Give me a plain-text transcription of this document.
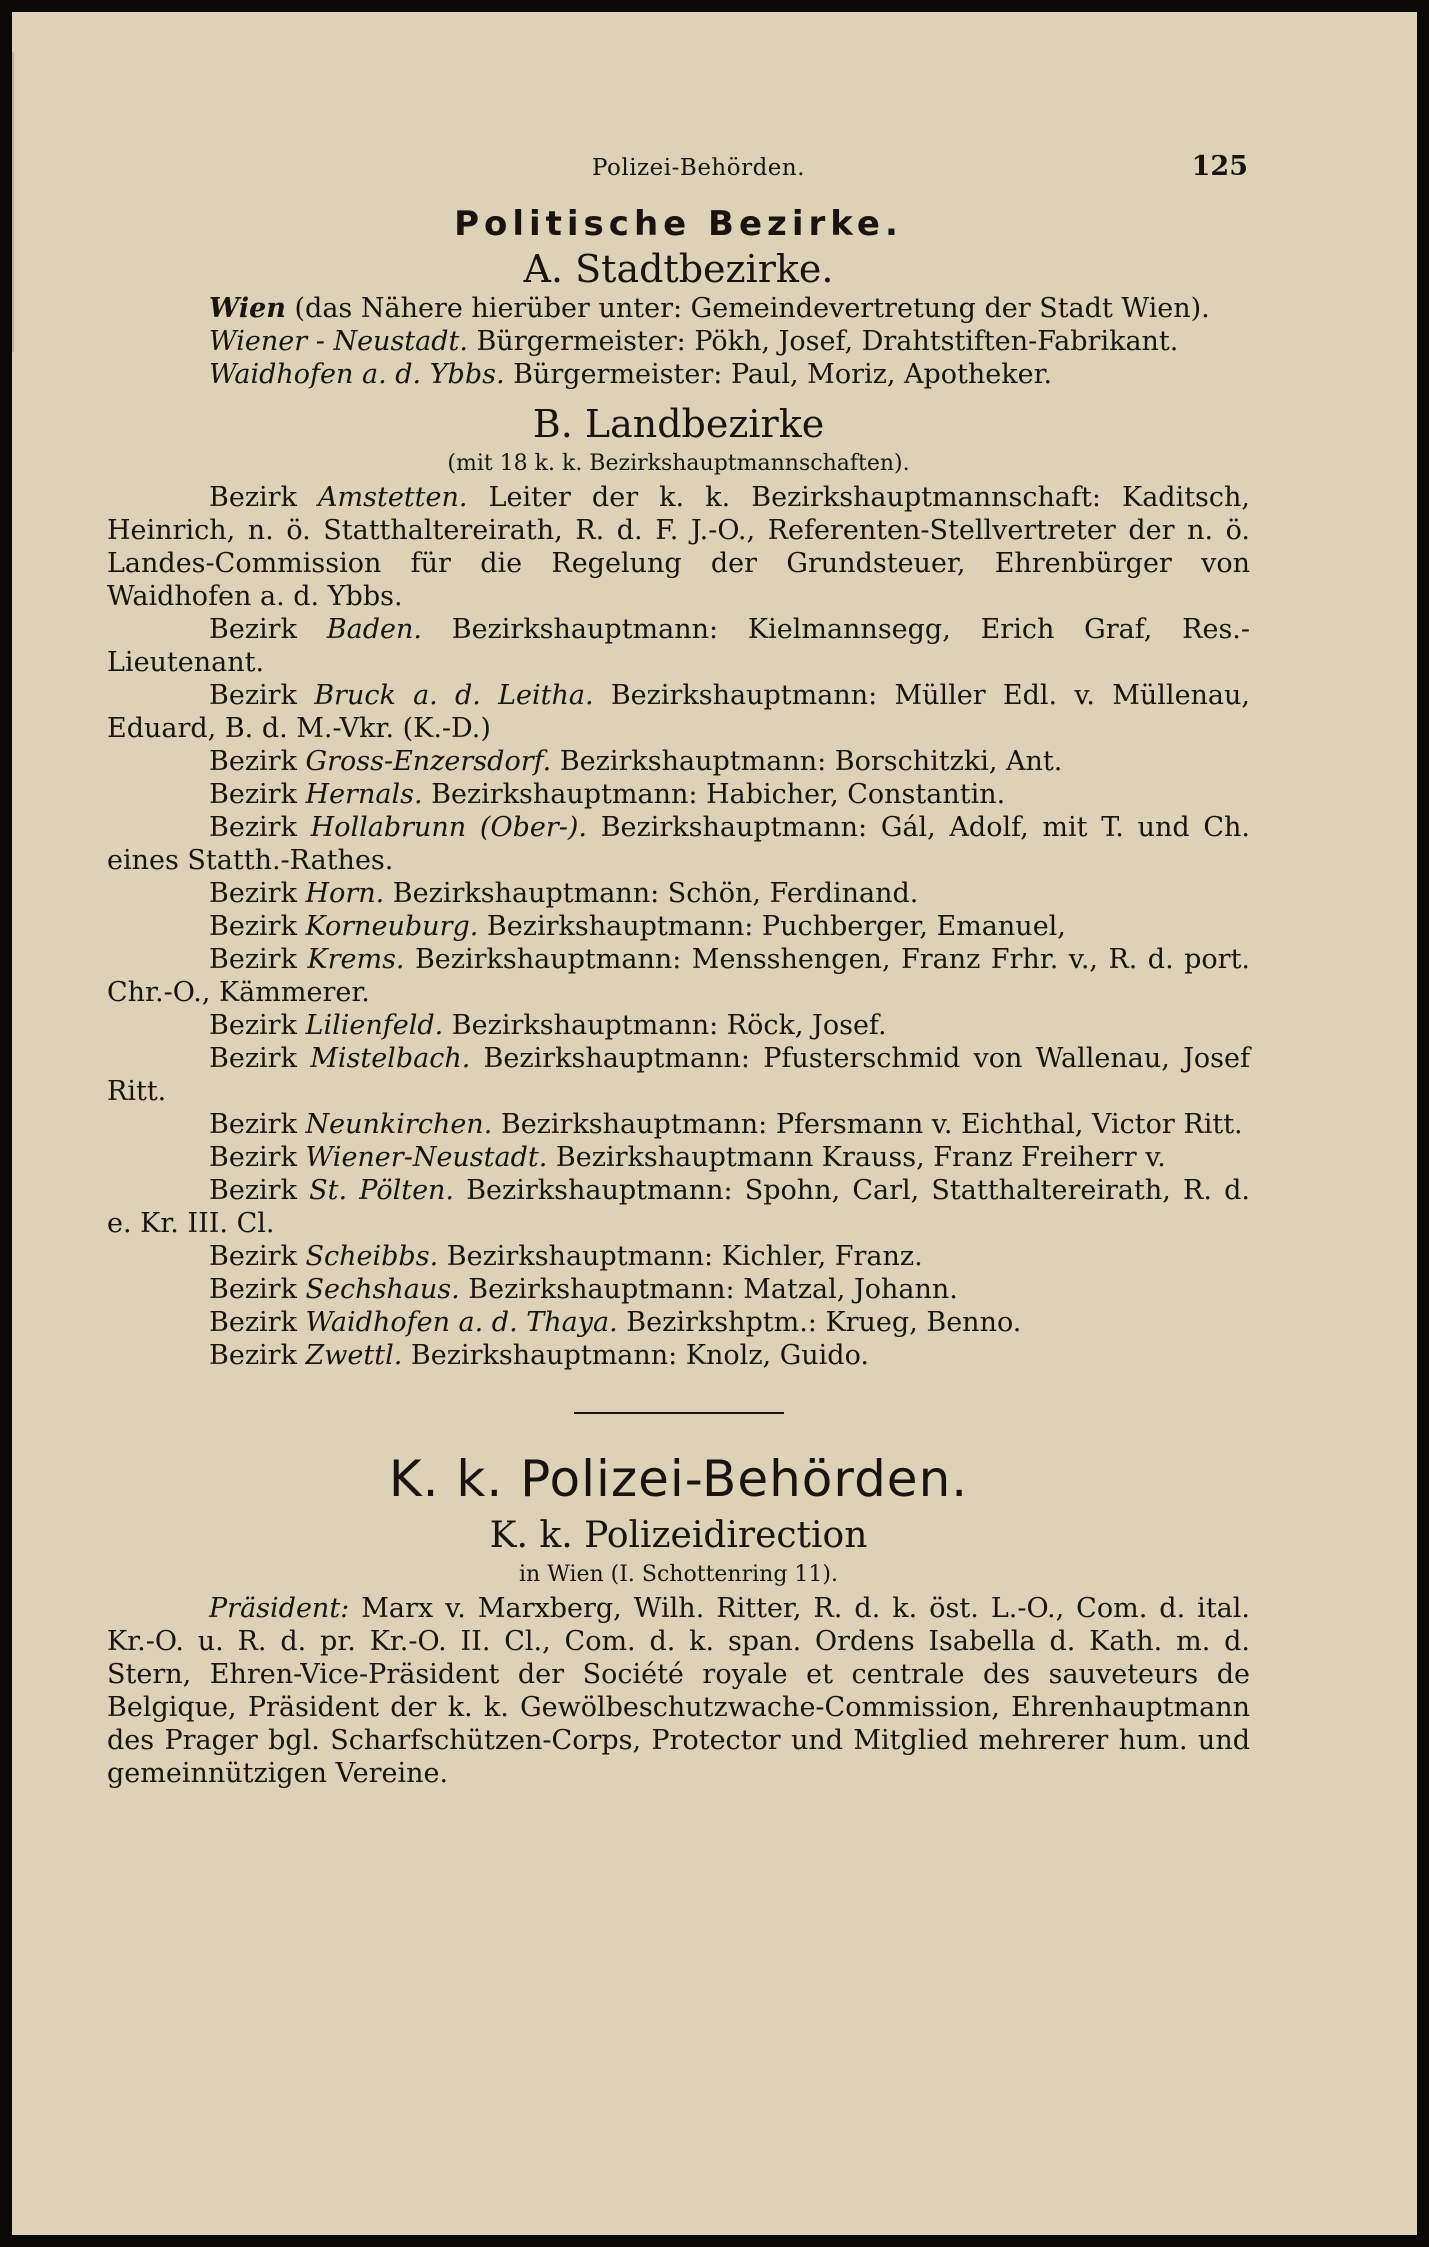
Polizei-Behörden.	125
Politische Bezirke.
A. Stadtbezirke.

Wien (das Nähere hierüber unter: Gemeindevertretung der Stadt Wien).

Wiener - Neustadt. Bürgermeister: Pökh, Josef, Drahtstiften-Fabrikant.

Waidhofen a. d. Ybbs. Bürgermeister: Paul, Moriz, Apotheker.

B. Landbezirke
(mit 18 k. k. Bezirkshauptmannschaften).

Bezirk Amstetten. Leiter der k. k. Bezirkshauptmannschaft: Kaditsch, Heinrich, n. ö. Statthaltereirath, R. d. F. J.-O., Referenten-Stellvertreter der n. ö. Landes-Commission für die Regelung der Grundsteuer, Ehrenbürger von Waidhofen a. d. Ybbs.

Bezirk Baden. Bezirkshauptmann: Kielmannsegg, Erich Graf, Res.-Lieutenant.

Bezirk Bruck a. d. Leitha. Bezirkshauptmann: Müller Edl. v. Müllenau, Eduard, B. d. M.-Vkr. (K.-D.)

Bezirk Gross-Enzersdorf. Bezirkshauptmann: Borschitzki, Ant.

Bezirk Hernals. Bezirkshauptmann: Habicher, Constantin.

Bezirk Hollabrunn (Ober-). Bezirkshauptmann: Gál, Adolf, mit T. und Ch. eines Statth.-Rathes.

Bezirk Horn. Bezirkshauptmann: Schön, Ferdinand.

Bezirk Korneuburg. Bezirkshauptmann: Puchberger, Emanuel,

Bezirk Krems. Bezirkshauptmann: Mensshengen, Franz Frhr. v., R. d. port. Chr.-O., Kämmerer.

Bezirk Lilienfeld. Bezirkshauptmann: Röck, Josef.

Bezirk Mistelbach. Bezirkshauptmann: Pfusterschmid von Wallenau, Josef Ritt.

Bezirk Neunkirchen. Bezirkshauptmann: Pfersmann v. Eichthal, Victor Ritt.

Bezirk Wiener-Neustadt. Bezirkshauptmann Krauss, Franz Freiherr v.

Bezirk St. Pölten. Bezirkshauptmann: Spohn, Carl, Statthaltereirath, R. d. e. Kr. III. Cl.

Bezirk Scheibbs. Bezirkshauptmann: Kichler, Franz.

Bezirk Sechshaus. Bezirkshauptmann: Matzal, Johann.

Bezirk Waidhofen a. d. Thaya. Bezirkshptm.: Krueg, Benno.

Bezirk Zwettl. Bezirkshauptmann: Knolz, Guido.

K. k. Polizei-Behörden.
K. k. Polizeidirection
in Wien (I. Schottenring 11).

Präsident: Marx v. Marxberg, Wilh. Ritter, R. d. k. öst. L.-O., Com. d. ital. Kr.-O. u. R. d. pr. Kr.-O. II. Cl., Com. d. k. span. Ordens Isabella d. Kath. m. d. Stern, Ehren-Vice-Präsident der Société royale et centrale des sauveteurs de Belgique, Präsident der k. k. Gewölbeschutzwache-Commission, Ehrenhauptmann des Prager bgl. Scharfschützen-Corps, Protector und Mitglied mehrerer hum. und gemeinnützigen Vereine.
